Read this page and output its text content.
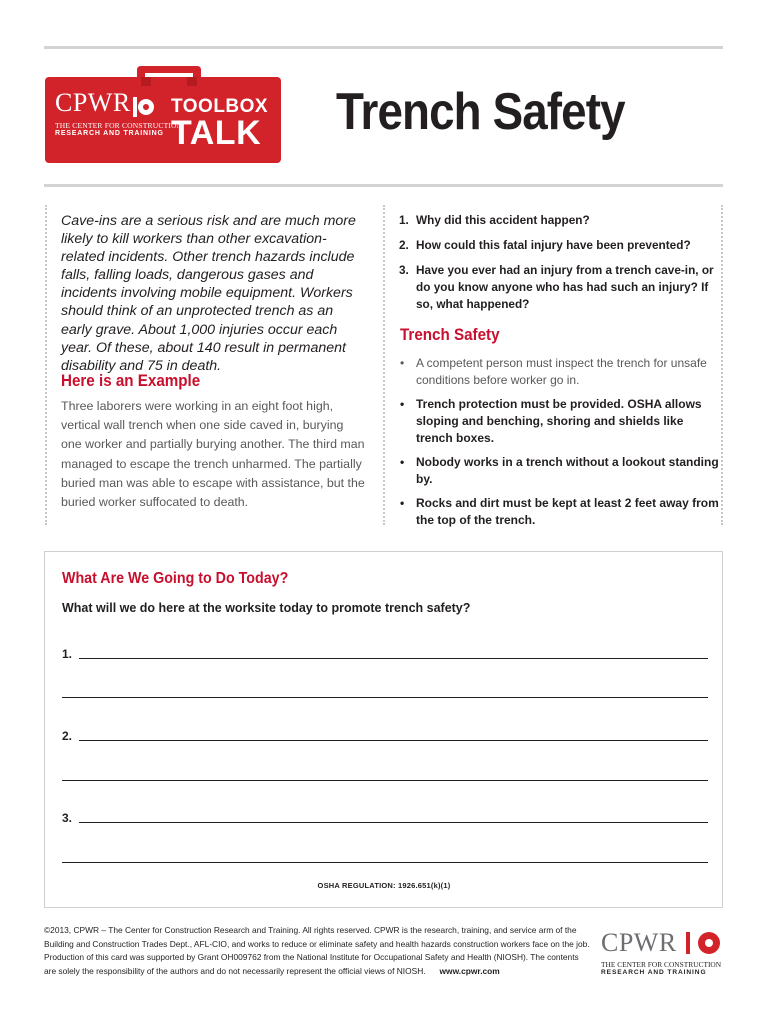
CPWR
THE CENTER FOR CONSTRUCTION
RESEARCH AND TRAINING
TOOLBOX
TALK Trench Safety

Cave-ins are a serious risk and are much more likely to kill workers than other excavation-related incidents. Other trench hazards include falls, falling loads, dangerous gases and incidents involving mobile equipment. Workers should think of an unprotected trench as an early grave. About 1,000 injuries occur each year. Of these, about 140 result in permanent disability and 75 in death.

Here is an Example

Three laborers were working in an eight foot high, vertical wall trench when one side caved in, burying one worker and partially burying another. The third man managed to escape the trench unharmed. The partially buried man was able to escape with assistance, but the buried worker suffocated to death.

1. Why did this accident happen?
2. How could this fatal injury have been prevented?
3. Have you ever had an injury from a trench cave-in, or do you know anyone who has had such an injury? If so, what happened?
Trench Safety
• A competent person must inspect the trench for unsafe conditions before worker go in.
• Trench protection must be provided. OSHA allows sloping and benching, shoring and shields like trench boxes.
• Nobody works in a trench without a lookout standing by.
• Rocks and dirt must be kept at least 2 feet away from the top of the trench.
What Are We Going to Do Today?

What will we do here at the worksite today to promote trench safety?

1.
2.
3.
OSHA REGULATION: 1926.651(k)(1)

©2013, CPWR – The Center for Construction Research and Training. All rights reserved. CPWR is the research, training, and service arm of the Building and Construction Trades Dept., AFL-CIO, and works to reduce or eliminate safety and health hazards construction workers face on the job. Production of this card was supported by Grant OH009762 from the National Institute for Occupational Safety and Health (NIOSH). The contents are solely the responsibility of the authors and do not necessarily represent the official views of NIOSH. www.cpwr.com

CPWR
THE CENTER FOR CONSTRUCTION
RESEARCH AND TRAINING
